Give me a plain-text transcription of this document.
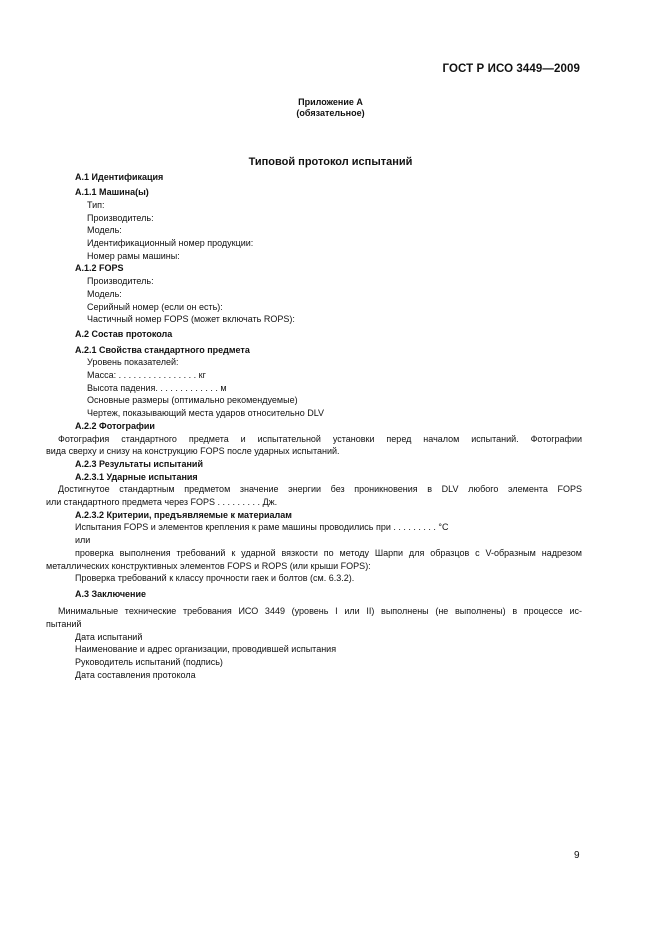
ГОСТ Р ИСО 3449—2009
Приложение А
(обязательное)
Типовой протокол испытаний

А.1 Идентификация

А.1.1 Машина(ы)

Тип:

Производитель:

Модель:

Идентификационный номер продукции:

Номер рамы машины:

А.1.2 FOPS

Производитель:

Модель:

Серийный номер (если он есть):

Частичный номер FOPS (может включать ROPS):

А.2 Состав протокола

А.2.1 Свойства стандартного предмета

Уровень показателей:

Масса: . . . . . . . . . . . . . . . . кг

Высота падения. . . . . . . . . . . . . м

Основные размеры (оптимально рекомендуемые)

Чертеж, показывающий места ударов относительно DLV

А.2.2 Фотографии

Фотография стандартного предмета и испытательной установки перед началом испытаний. Фотографии

вида сверху и снизу на конструкцию FOPS после ударных испытаний.

А.2.3 Результаты испытаний

А.2.3.1 Ударные испытания

Достигнутое стандартным предметом значение энергии без проникновения в DLV любого элемента FOPS

или стандартного предмета через FOPS . . . . . . . . . Дж.

А.2.3.2 Критерии, предъявляемые к материалам

Испытания FOPS и элементов крепления к раме машины проводились при . . . . . . . . . °С

или

проверка выполнения требований к ударной вязкости по методу Шарпи для образцов с V-образным надрезом

металлических конструктивных элементов FOPS и ROPS (или крыши FOPS):

Проверка требований к классу прочности гаек и болтов (см. 6.3.2).

А.3 Заключение

Минимальные технические требования ИСО 3449 (уровень I или II) выполнены (не выполнены) в процессе ис-

пытаний

Дата испытаний

Наименование и адрес организации, проводившей испытания

Руководитель испытаний (подпись)

Дата составления протокола

9
